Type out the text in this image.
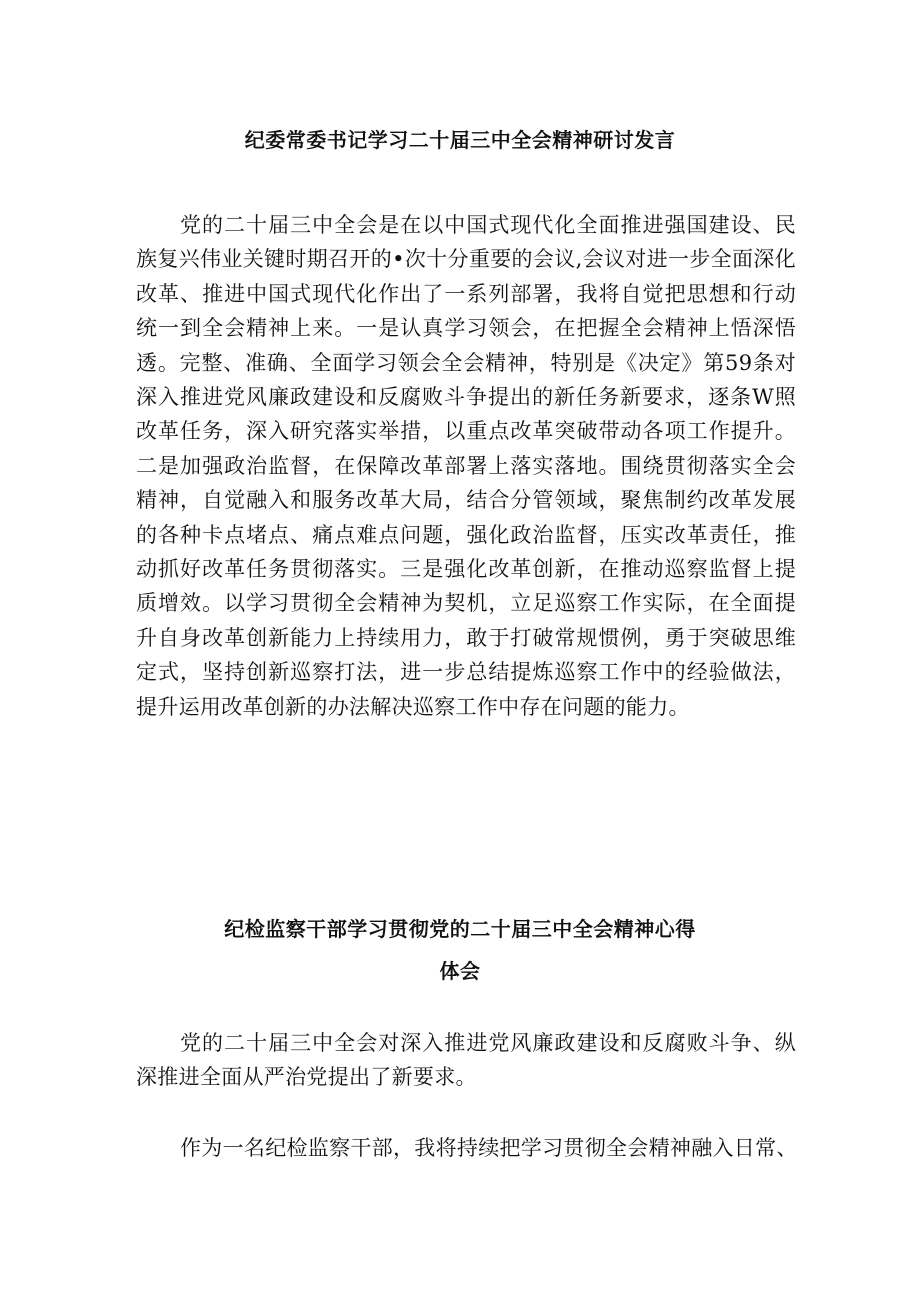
纪委常委书记学习二十届三中全会精神研讨发言

党的二十届三中全会是在以中国式现代化全面推进强国建设、民族复兴伟业关键时期召开的•次十分重要的会议,会议对进一步全面深化改革、推进中国式现代化作出了一系列部署，我将自觉把思想和行动统一到全会精神上来。一是认真学习领会，在把握全会精神上悟深悟透。完整、准确、全面学习领会全会精神，特别是《决定》第59条对深入推进党风廉政建设和反腐败斗争提出的新任务新要求，逐条W照改革任务，深入研究落实举措，以重点改革突破带动各项工作提升。二是加强政治监督，在保障改革部署上落实落地。围绕贯彻落实全会精神，自觉融入和服务改革大局，结合分管领域，聚焦制约改革发展的各种卡点堵点、痛点难点问题，强化政治监督，压实改革责任，推动抓好改革任务贯彻落实。三是强化改革创新，在推动巡察监督上提质增效。以学习贯彻全会精神为契机，立足巡察工作实际，在全面提升自身改革创新能力上持续用力，敢于打破常规惯例，勇于突破思维定式，坚持创新巡察打法，进一步总结提炼巡察工作中的经验做法，提升运用改革创新的办法解决巡察工作中存在问题的能力。

纪检监察干部学习贯彻党的二十届三中全会精神心得
体会

党的二十届三中全会对深入推进党风廉政建设和反腐败斗争、纵深推进全面从严治党提出了新要求。

作为一名纪检监察干部，我将持续把学习贯彻全会精神融入日常、
